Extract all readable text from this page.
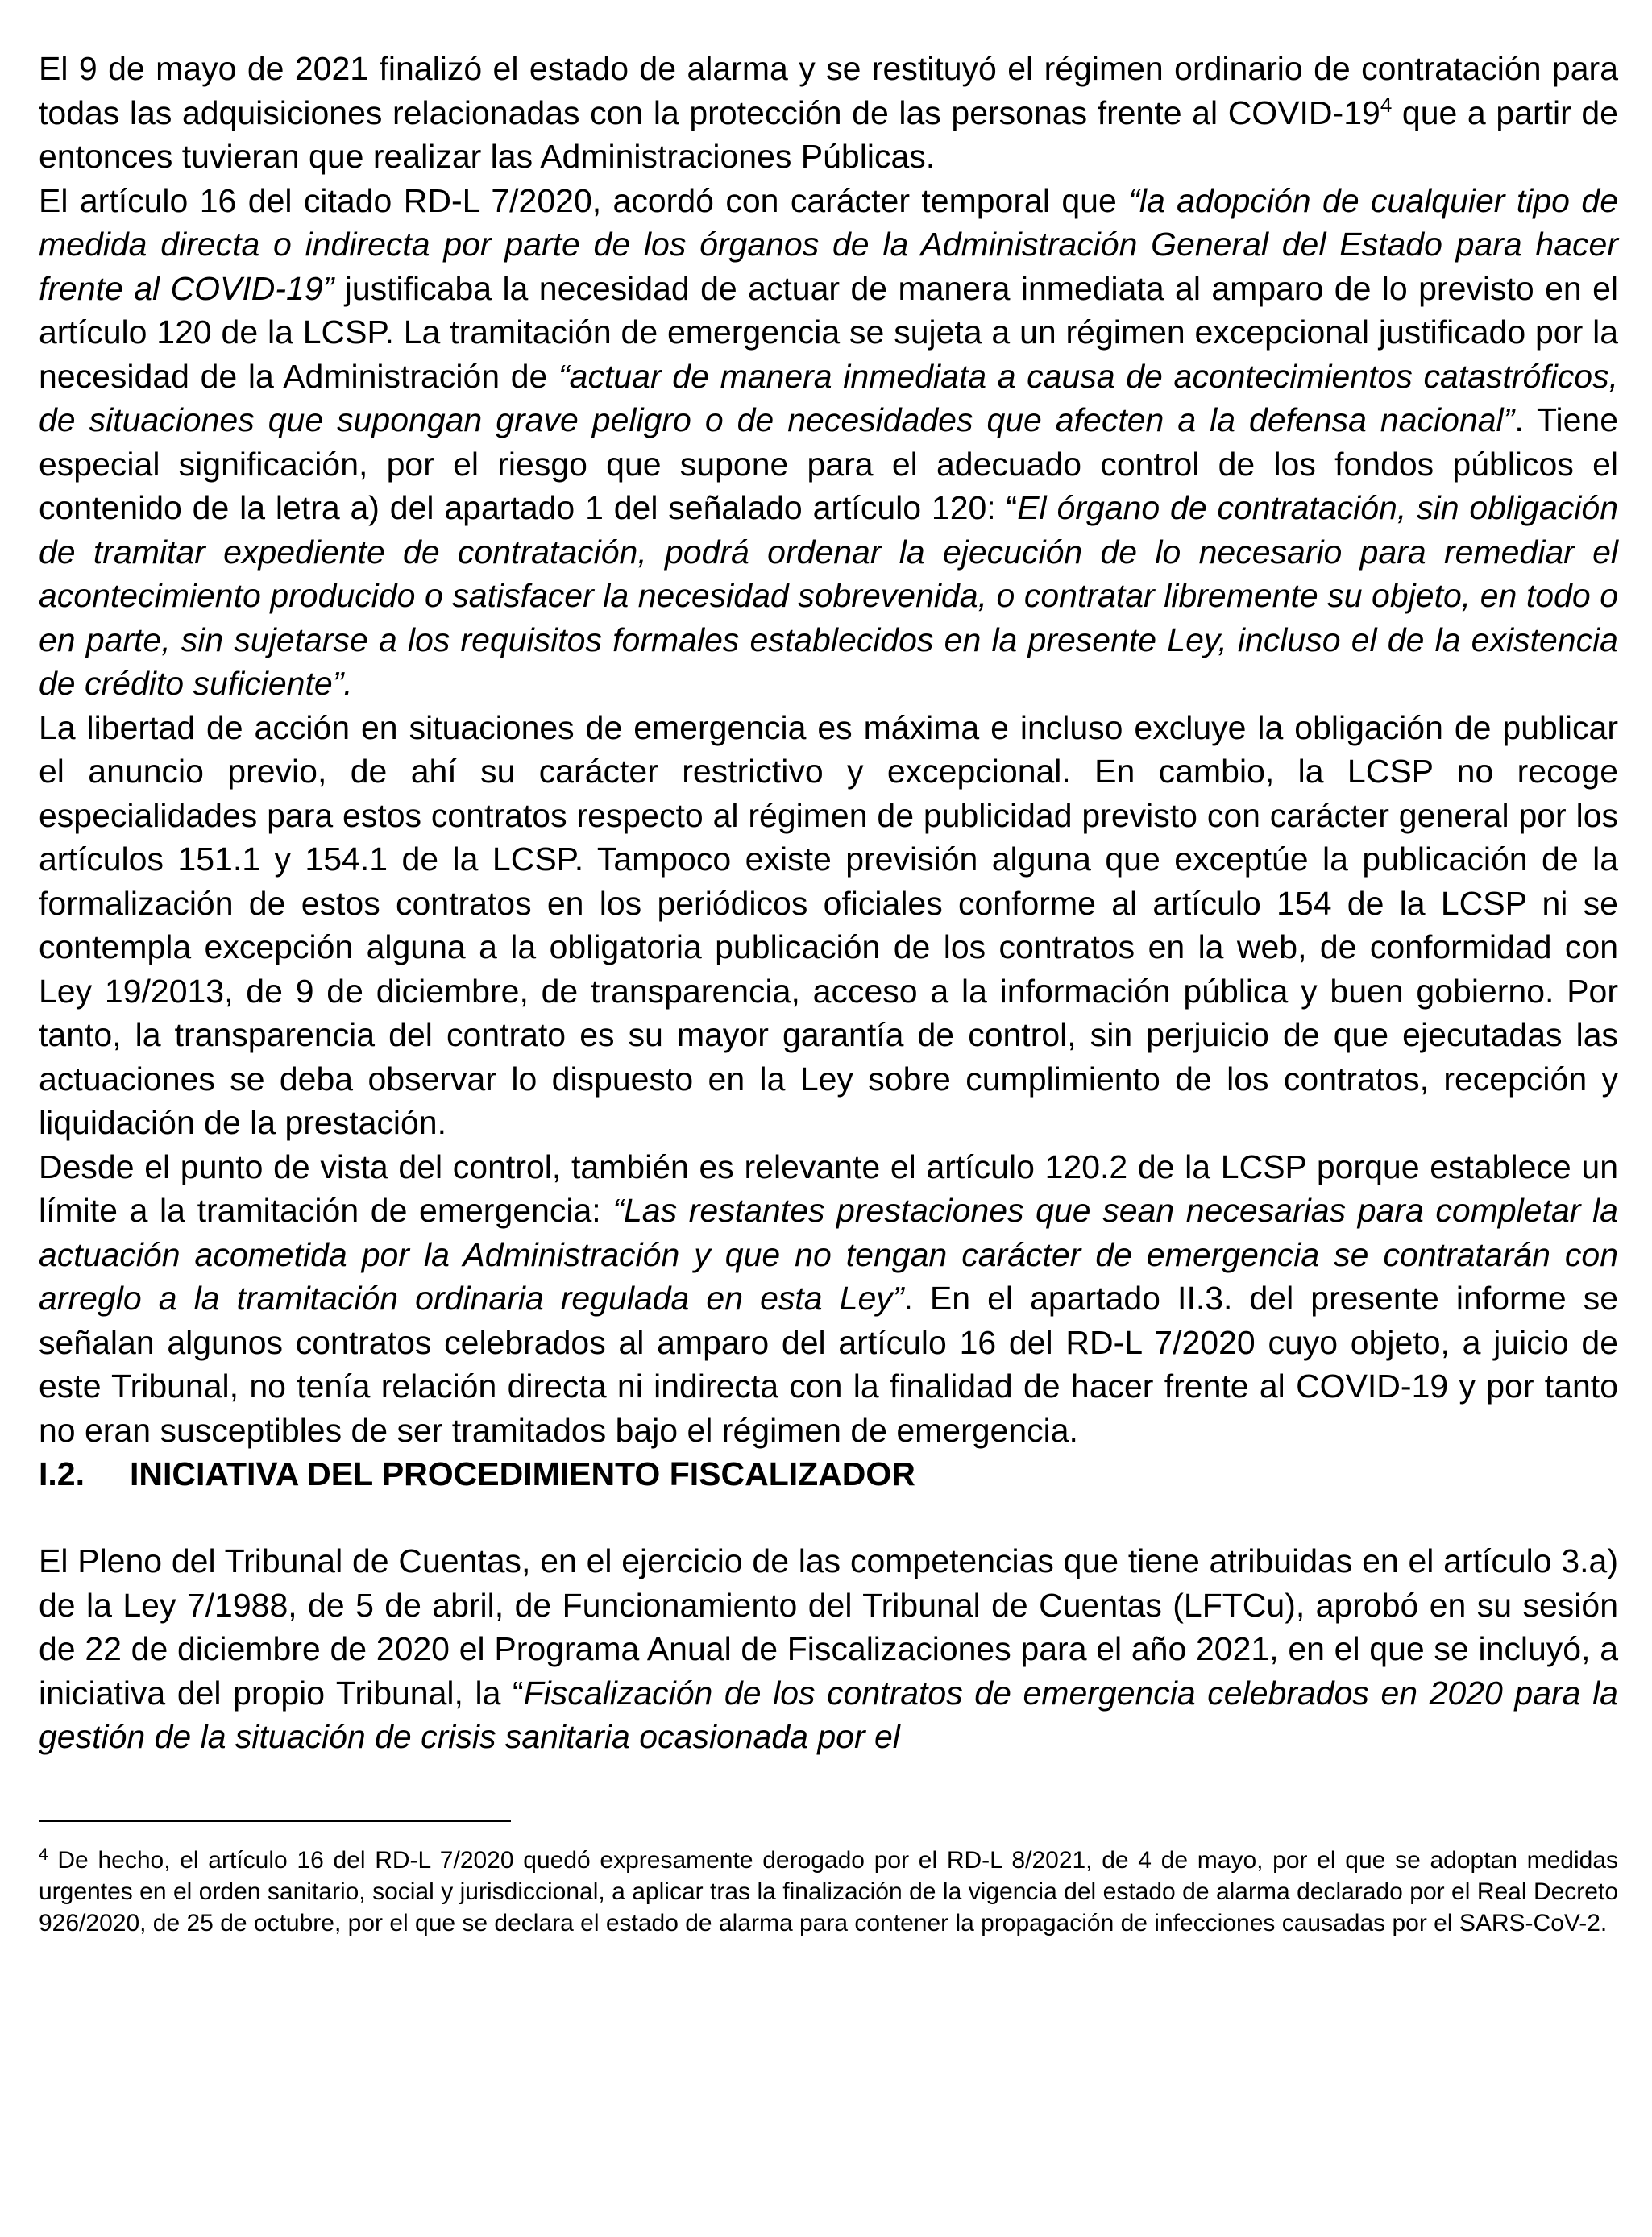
El 9 de mayo de 2021 finalizó el estado de alarma y se restituyó el régimen ordinario de contratación para todas las adquisiciones relacionadas con la protección de las personas frente al COVID-19$^4$ que a partir de entonces tuvieran que realizar las Administraciones Públicas.

El artículo 16 del citado RD-L 7/2020, acordó con carácter temporal que “la adopción de cualquier tipo de medida directa o indirecta por parte de los órganos de la Administración General del Estado para hacer frente al COVID-19” justificaba la necesidad de actuar de manera inmediata al amparo de lo previsto en el artículo 120 de la LCSP. La tramitación de emergencia se sujeta a un régimen excepcional justificado por la necesidad de la Administración de “actuar de manera inmediata a causa de acontecimientos catastróficos, de situaciones que supongan grave peligro o de necesidades que afecten a la defensa nacional”. Tiene especial significación, por el riesgo que supone para el adecuado control de los fondos públicos el contenido de la letra a) del apartado 1 del señalado artículo 120: “El órgano de contratación, sin obligación de tramitar expediente de contratación, podrá ordenar la ejecución de lo necesario para remediar el acontecimiento producido o satisfacer la necesidad sobrevenida, o contratar libremente su objeto, en todo o en parte, sin sujetarse a los requisitos formales establecidos en la presente Ley, incluso el de la existencia de crédito suficiente”.

La libertad de acción en situaciones de emergencia es máxima e incluso excluye la obligación de publicar el anuncio previo, de ahí su carácter restrictivo y excepcional. En cambio, la LCSP no recoge especialidades para estos contratos respecto al régimen de publicidad previsto con carácter general por los artículos 151.1 y 154.1 de la LCSP. Tampoco existe previsión alguna que exceptúe la publicación de la formalización de estos contratos en los periódicos oficiales conforme al artículo 154 de la LCSP ni se contempla excepción alguna a la obligatoria publicación de los contratos en la web, de conformidad con Ley 19/2013, de 9 de diciembre, de transparencia, acceso a la información pública y buen gobierno. Por tanto, la transparencia del contrato es su mayor garantía de control, sin perjuicio de que ejecutadas las actuaciones se deba observar lo dispuesto en la Ley sobre cumplimiento de los contratos, recepción y liquidación de la prestación.

Desde el punto de vista del control, también es relevante el artículo 120.2 de la LCSP porque establece un límite a la tramitación de emergencia: “Las restantes prestaciones que sean necesarias para completar la actuación acometida por la Administración y que no tengan carácter de emergencia se contratarán con arreglo a la tramitación ordinaria regulada en esta Ley”. En el apartado II.3. del presente informe se señalan algunos contratos celebrados al amparo del artículo 16 del RD-L 7/2020 cuyo objeto, a juicio de este Tribunal, no tenía relación directa ni indirecta con la finalidad de hacer frente al COVID-19 y por tanto no eran susceptibles de ser tramitados bajo el régimen de emergencia.

I.2.	INICIATIVA DEL PROCEDIMIENTO FISCALIZADOR

El Pleno del Tribunal de Cuentas, en el ejercicio de las competencias que tiene atribuidas en el artículo 3.a) de la Ley 7/1988, de 5 de abril, de Funcionamiento del Tribunal de Cuentas (LFTCu), aprobó en su sesión de 22 de diciembre de 2020 el Programa Anual de Fiscalizaciones para el año 2021, en el que se incluyó, a iniciativa del propio Tribunal, la “Fiscalización de los contratos de emergencia celebrados en 2020 para la gestión de la situación de crisis sanitaria ocasionada por el

$^4$ De hecho, el artículo 16 del RD-L 7/2020 quedó expresamente derogado por el RD-L 8/2021, de 4 de mayo, por el que se adoptan medidas urgentes en el orden sanitario, social y jurisdiccional, a aplicar tras la finalización de la vigencia del estado de alarma declarado por el Real Decreto 926/2020, de 25 de octubre, por el que se declara el estado de alarma para contener la propagación de infecciones causadas por el SARS-CoV-2.
